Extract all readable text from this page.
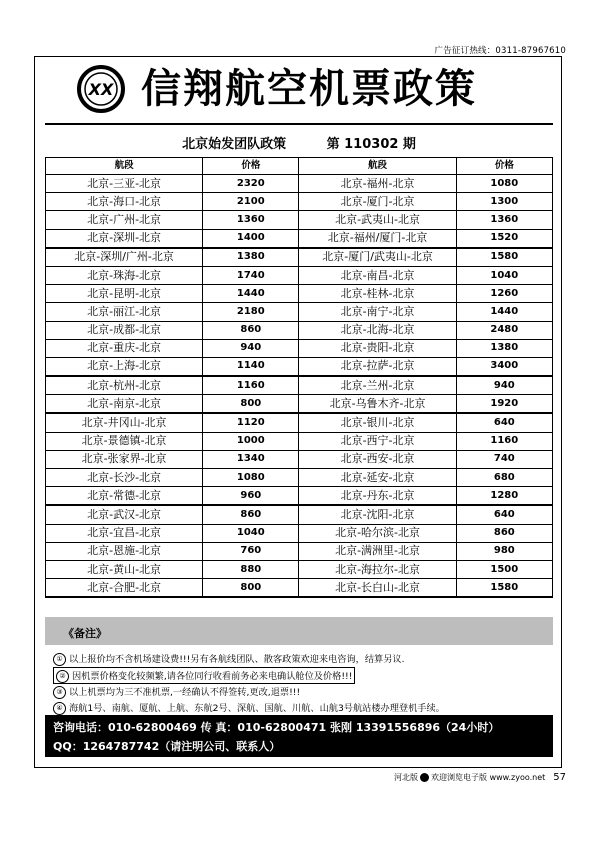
广告征订热线：0311-87967610
XX 信翔航空机票政策
北京始发团队政策	第 110302 期
航段	价格	航段	价格
北京-三亚-北京	2320	北京-福州-北京	1080
北京-海口-北京	2100	北京-厦门-北京	1300
北京-广州-北京	1360	北京-武夷山-北京	1360
北京-深圳-北京	1400	北京-福州/厦门-北京	1520
北京-深圳/广州-北京	1380	北京-厦门/武夷山-北京	1580
北京-珠海-北京	1740	北京-南昌-北京	1040
北京-昆明-北京	1440	北京-桂林-北京	1260
北京-丽江-北京	2180	北京-南宁-北京	1440
北京-成都-北京	860	北京-北海-北京	2480
北京-重庆-北京	940	北京-贵阳-北京	1380
北京-上海-北京	1140	北京-拉萨-北京	3400
北京-杭州-北京	1160	北京-兰州-北京	940
北京-南京-北京	800	北京-乌鲁木齐-北京	1920
北京-井冈山-北京	1120	北京-银川-北京	640
北京-景德镇-北京	1000	北京-西宁-北京	1160
北京-张家界-北京	1340	北京-西安-北京	740
北京-长沙-北京	1080	北京-延安-北京	680
北京-常德-北京	960	北京-丹东-北京	1280
北京-武汉-北京	860	北京-沈阳-北京	640
北京-宜昌-北京	1040	北京-哈尔滨-北京	860
北京-恩施-北京	760	北京-满洲里-北京	980
北京-黄山-北京	880	北京-海拉尔-北京	1500
北京-合肥-北京	800	北京-长白山-北京	1580
《备注》
① 以上报价均不含机场建设费!!!另有各航线团队、散客政策欢迎来电咨询，结算另议.
② 因机票价格变化较频繁,请各位同行收看前务必来电确认舱位及价格!!!
③ 以上机票均为三不准机票,一经确认不得签转,更改,退票!!!
④ 海航1号、南航、厦航、上航、东航2号、深航、国航、川航、山航3号航站楼办理登机手续。
咨询电话：010-62800469 传 真：010-62800471 张刚 13391556896（24小时）
QQ：1264787742（请注明公司、联系人）
河北版 欢迎浏览电子版 www.zyoo.net 57
